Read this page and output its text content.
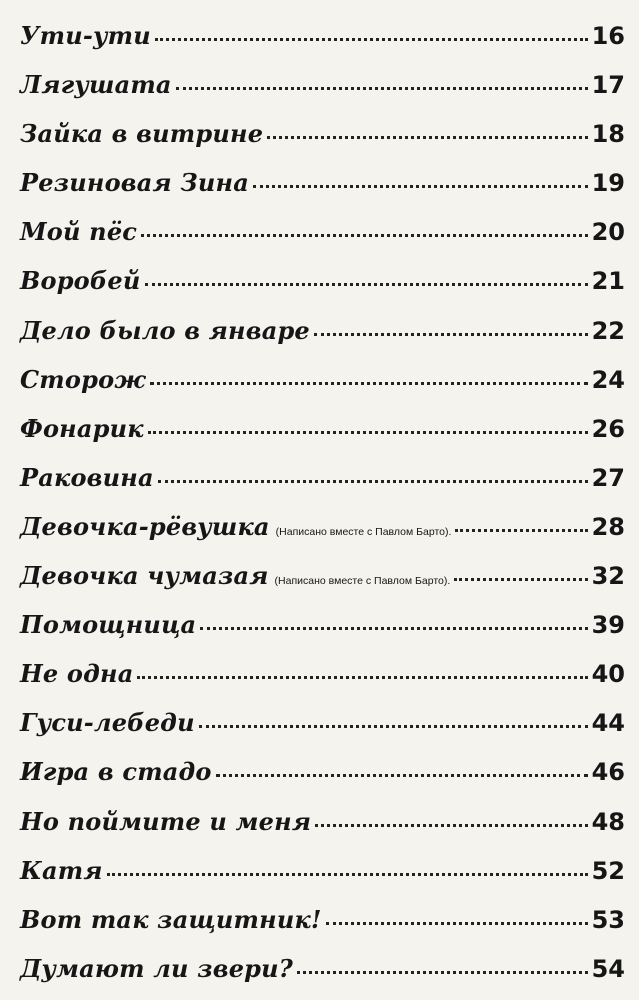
Ути-ути	16
Лягушата	17
Зайка в витрине	18
Резиновая Зина	19
Мой пёс	20
Воробей	21
Дело было в январе	22
Сторож	24
Фонарик	26
Раковина	27
Девочка-рёвушка (Написано вместе с Павлом Барто).	28
Девочка чумазая (Написано вместе с Павлом Барто).	32
Помощница	39
Не одна	40
Гуси-лебеди	44
Игра в стадо	46
Но поймите и меня	48
Катя	52
Вот так защитник!	53
Думают ли звери?	54
